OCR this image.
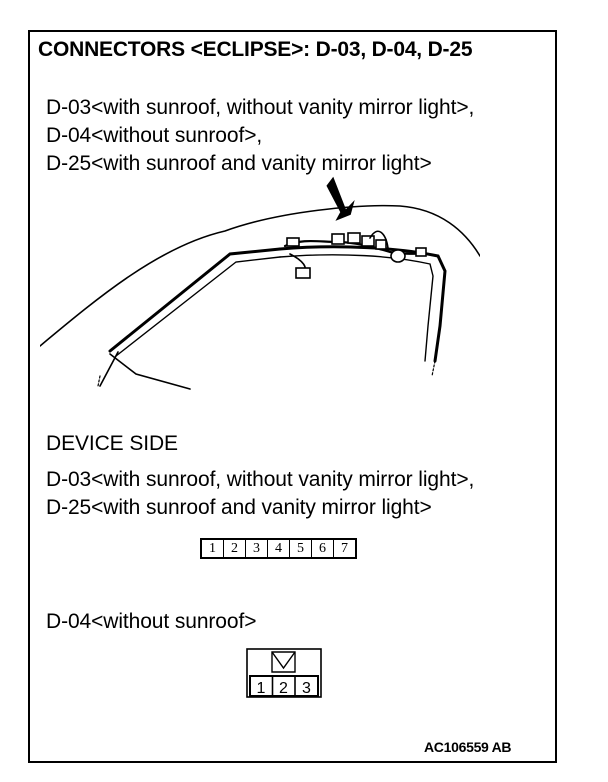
CONNECTORS <ECLIPSE>: D-03, D-04, D-25
D-03<with sunroof, without vanity mirror light>,
D-04<without sunroof>,
D-25<with sunroof and vanity mirror light>
DEVICE SIDE
D-03<with sunroof, without vanity mirror light>,
D-25<with sunroof and vanity mirror light>
1	2	3	4	5	6	7
D-04<without sunroof>
1 2 3
AC106559 AB
